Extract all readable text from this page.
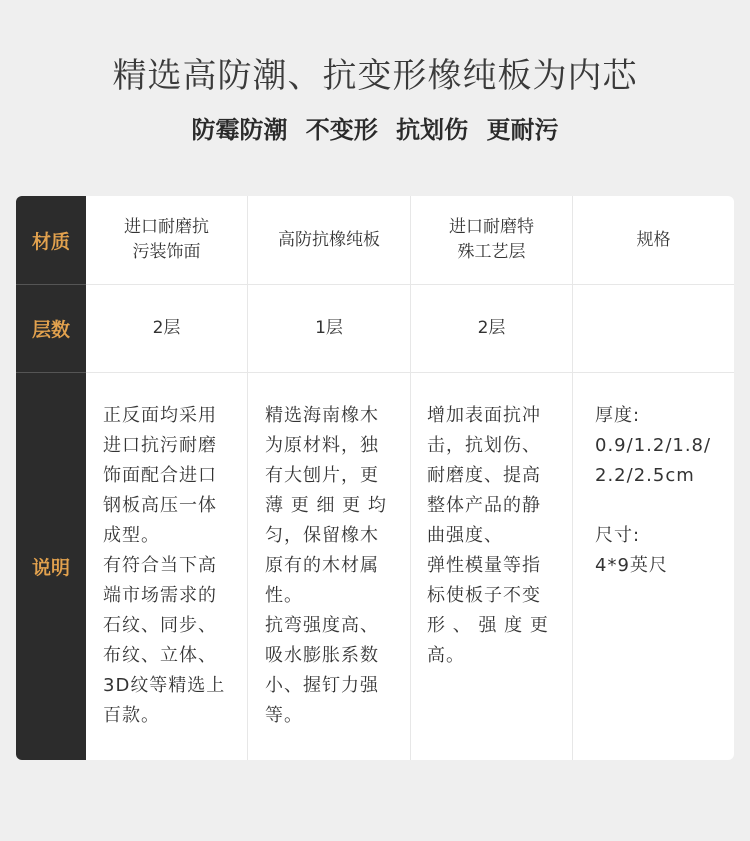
精选高防潮、抗变形橡纯板为内芯
防霉防潮 不变形 抗划伤 更耐污
材质
层数
说明
进口耐磨抗
污装饰面
高防抗橡纯板
进口耐磨特
殊工艺层
规格
2层	1层	2层
正反面均采用
进口抗污耐磨
饰面配合进口
钢板高压一体
成型。
有符合当下高
端市场需求的
石纹、同步、
布纹、立体、
3D纹等精选上
百款。
精选海南橡木
为原材料，独
有大刨片，更
薄 更 细 更 均
匀，保留橡木
原有的木材属
性。
抗弯强度高、
吸水膨胀系数
小、握钉力强
等。
增加表面抗冲
击，抗划伤、
耐磨度、提高
整体产品的静
曲强度、
弹性模量等指
标使板子不变
形 、 强 度 更
高。
厚度:
0.9/1.2/1.8/
2.2/2.5cm

尺寸:
4*9英尺
